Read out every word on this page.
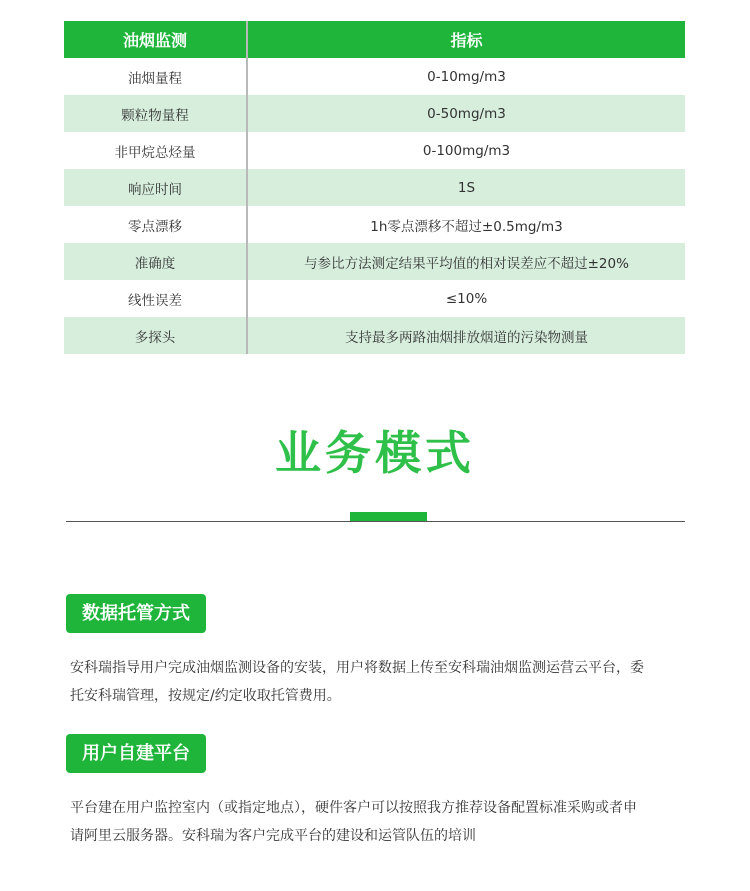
油烟监测	指标
油烟量程	0-10mg/m3
颗粒物量程	0-50mg/m3
非甲烷总烃量	0-100mg/m3
响应时间	1S
零点漂移	1h零点漂移不超过±0.5mg/m3
准确度	与参比方法测定结果平均值的相对误差应不超过±20%
线性误差	≤10%
多探头	支持最多两路油烟排放烟道的污染物测量
业务模式
数据托管方式

安科瑞指导用户完成油烟监测设备的安装，用户将数据上传至安科瑞油烟监测运营云平台，委托安科瑞管理，按规定/约定收取托管费用。

用户自建平台

平台建在用户监控室内（或指定地点），硬件客户可以按照我方推荐设备配置标准采购或者申请阿里云服务器。安科瑞为客户完成平台的建设和运管队伍的培训
